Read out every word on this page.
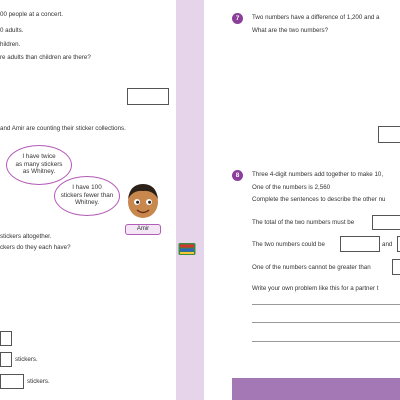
00 people at a concert.
0 adults.
hildren.
re adults than children are there?
and Amir are counting their sticker collections.
I have twice
as many stickers
as Whitney.
I have 100
stickers fewer than
Whitney.
Amir
stickers altogether.
ckers do they each have?
stickers.
stickers.
7	Two numbers have a difference of 1,200 and a
What are the two numbers?
8	Three 4-digit numbers add together to make 10,
One of the numbers is 2,560
Complete the sentences to describe the other nu
The total of the two numbers must be
The two numbers could be	and
One of the numbers cannot be greater than
Write your own problem like this for a partner t
